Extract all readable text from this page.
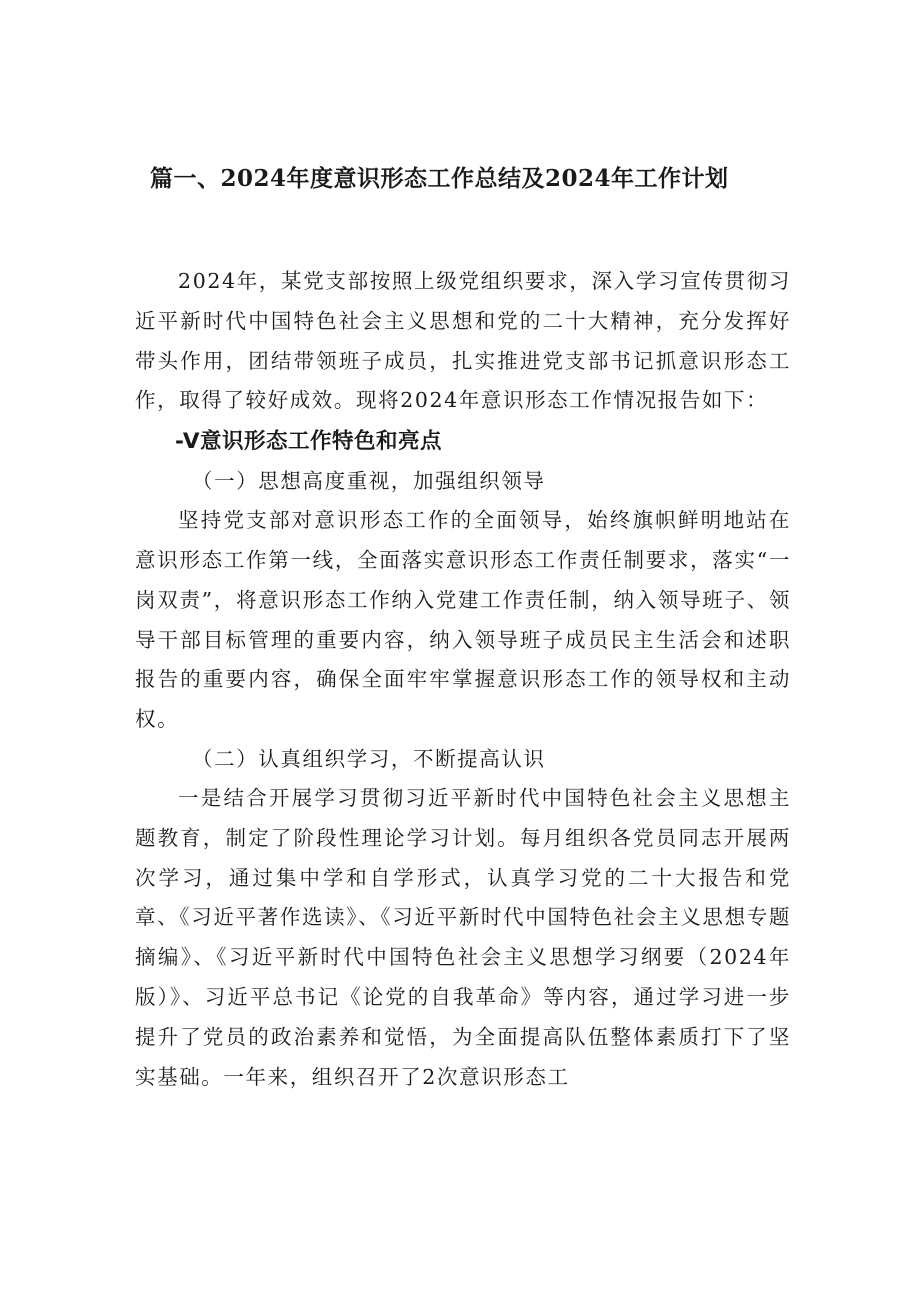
篇一、2024年度意识形态工作总结及2024年工作计划

2024年，某党支部按照上级党组织要求，深入学习宣传贯彻习近平新时代中国特色社会主义思想和党的二十大精神，充分发挥好带头作用，团结带领班子成员，扎实推进党支部书记抓意识形态工作，取得了较好成效。现将2024年意识形态工作情况报告如下：

-V意识形态工作特色和亮点

（一）思想高度重视，加强组织领导

坚持党支部对意识形态工作的全面领导，始终旗帜鲜明地站在意识形态工作第一线，全面落实意识形态工作责任制要求，落实“一岗双责”，将意识形态工作纳入党建工作责任制，纳入领导班子、领导干部目标管理的重要内容，纳入领导班子成员民主生活会和述职报告的重要内容，确保全面牢牢掌握意识形态工作的领导权和主动权。

（二）认真组织学习，不断提高认识

一是结合开展学习贯彻习近平新时代中国特色社会主义思想主题教育，制定了阶段性理论学习计划。每月组织各党员同志开展两次学习，通过集中学和自学形式，认真学习党的二十大报告和党章、《习近平著作选读》、《习近平新时代中国特色社会主义思想专题摘编》、《习近平新时代中国特色社会主义思想学习纲要（2024年版）》、习近平总书记《论党的自我革命》等内容，通过学习进一步提升了党员的政治素养和觉悟，为全面提高队伍整体素质打下了坚实基础。一年来，组织召开了2次意识形态工
